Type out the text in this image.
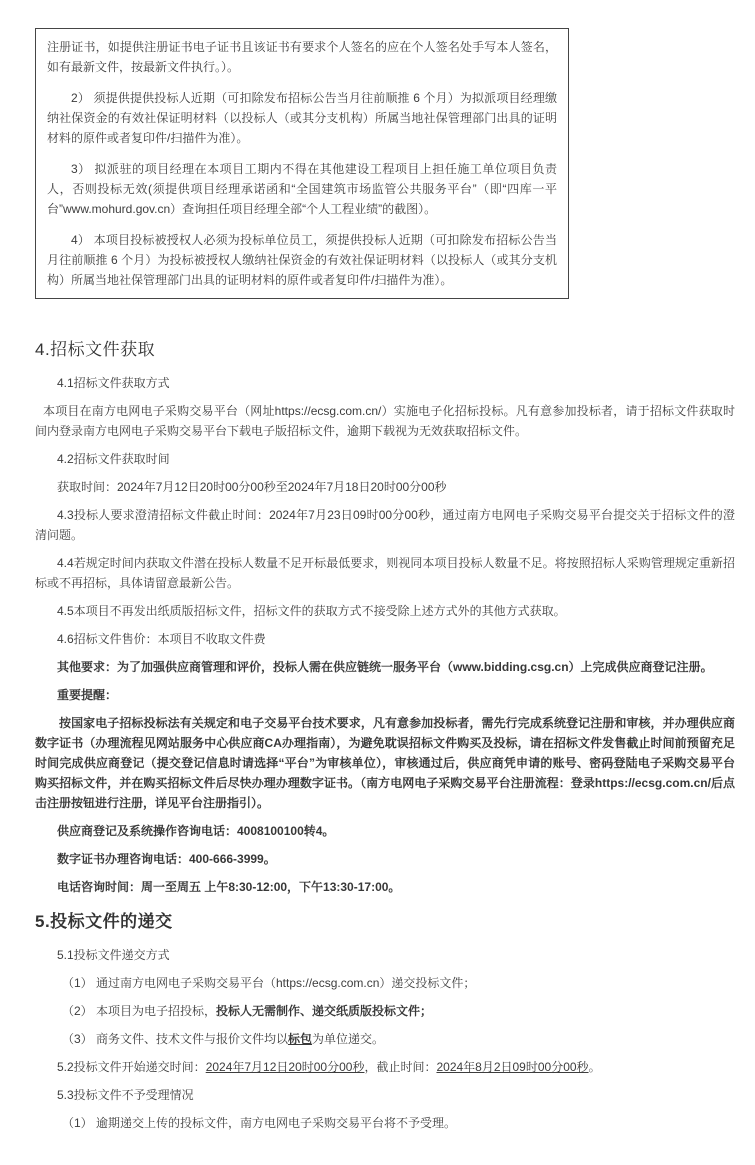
注册证书，如提供注册证书电子证书且该证书有要求个人签名的应在个人签名处手写本人签名，如有最新文件，按最新文件执行。）。

2） 须提供提供投标人近期（可扣除发布招标公告当月往前顺推 6 个月）为拟派项目经理缴纳社保资金的有效社保证明材料（以投标人（或其分支机构）所属当地社保管理部门出具的证明材料的原件或者复印件/扫描件为准）。

3） 拟派驻的项目经理在本项目工期内不得在其他建设工程项目上担任施工单位项目负责人，否则投标无效(须提供项目经理承诺函和“全国建筑市场监管公共服务平台”（即“四库一平台”www.mohurd.gov.cn）查询担任项目经理全部“个人工程业绩”的截图）。

4） 本项目投标被授权人必须为投标单位员工，须提供投标人近期（可扣除发布招标公告当月往前顺推 6 个月）为投标被授权人缴纳社保资金的有效社保证明材料（以投标人（或其分支机构）所属当地社保管理部门出具的证明材料的原件或者复印件/扫描件为准）。

4.招标文件获取

4.1招标文件获取方式

本项目在南方电网电子采购交易平台（网址https://ecsg.com.cn/）实施电子化招标投标。凡有意参加投标者，请于招标文件获取时间内登录南方电网电子采购交易平台下载电子版招标文件，逾期下载视为无效获取招标文件。

4.2招标文件获取时间

获取时间：2024年7月12日20时00分00秒至2024年7月18日20时00分00秒

4.3投标人要求澄清招标文件截止时间：2024年7月23日09时00分00秒，通过南方电网电子采购交易平台提交关于招标文件的澄清问题。

4.4若规定时间内获取文件潜在投标人数量不足开标最低要求，则视同本项目投标人数量不足。将按照招标人采购管理规定重新招标或不再招标，具体请留意最新公告。

4.5本项目不再发出纸质版招标文件，招标文件的获取方式不接受除上述方式外的其他方式获取。

4.6招标文件售价：本项目不收取文件费

其他要求：为了加强供应商管理和评价，投标人需在供应链统一服务平台（www.bidding.csg.cn）上完成供应商登记注册。

重要提醒：

按国家电子招标投标法有关规定和电子交易平台技术要求，凡有意参加投标者，需先行完成系统登记注册和审核，并办理供应商数字证书（办理流程见网站服务中心供应商CA办理指南），为避免耽误招标文件购买及投标，请在招标文件发售截止时间前预留充足时间完成供应商登记（提交登记信息时请选择“平台”为审核单位），审核通过后，供应商凭申请的账号、密码登陆电子采购交易平台购买招标文件，并在购买招标文件后尽快办理办理数字证书。（南方电网电子采购交易平台注册流程：登录https://ecsg.com.cn/后点击注册按钮进行注册，详见平台注册指引）。

供应商登记及系统操作咨询电话：4008100100转4。

数字证书办理咨询电话：400-666-3999。

电话咨询时间：周一至周五 上午8:30-12:00，下午13:30-17:00。

5.投标文件的递交

5.1投标文件递交方式

（1） 通过南方电网电子采购交易平台（https://ecsg.com.cn）递交投标文件；

（2） 本项目为电子招投标，投标人无需制作、递交纸质版投标文件；

（3） 商务文件、技术文件与报价文件均以标包为单位递交。

5.2投标文件开始递交时间：2024年7月12日20时00分00秒，截止时间：2024年8月2日09时00分00秒。

5.3投标文件不予受理情况

（1） 逾期递交上传的投标文件，南方电网电子采购交易平台将不予受理。
